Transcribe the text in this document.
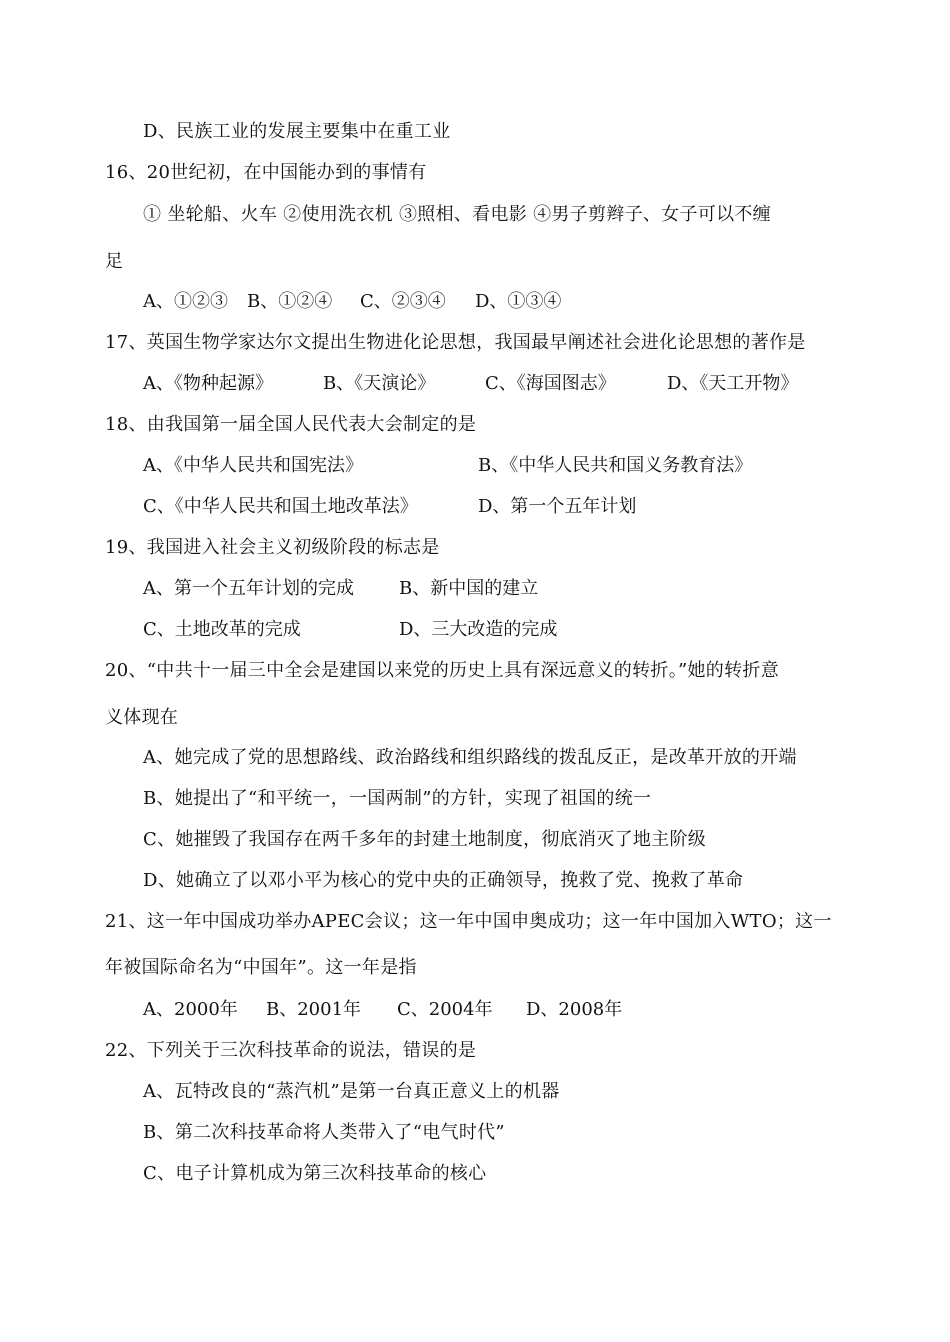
D、民族工业的发展主要集中在重工业
16、20世纪初，在中国能办到的事情有
① 坐轮船、火车 ②使用洗衣机 ③照相、看电影 ④男子剪辫子、女子可以不缠
足
A、①②③ B、①②④ C、②③④ D、①③④
17、英国生物学家达尔文提出生物进化论思想，我国最早阐述社会进化论思想的著作是
A、《物种起源》	B、《天演论》	C、《海国图志》	D、《天工开物》
18、由我国第一届全国人民代表大会制定的是
A、《中华人民共和国宪法》	B、《中华人民共和国义务教育法》
C、《中华人民共和国土地改革法》	D、第一个五年计划
19、我国进入社会主义初级阶段的标志是
A、第一个五年计划的完成	B、新中国的建立
C、土地改革的完成	D、三大改造的完成
20、“中共十一届三中全会是建国以来党的历史上具有深远意义的转折。”她的转折意
义体现在
A、她完成了党的思想路线、政治路线和组织路线的拨乱反正，是改革开放的开端
B、她提出了“和平统一，一国两制”的方针，实现了祖国的统一
C、她摧毁了我国存在两千多年的封建土地制度，彻底消灭了地主阶级
D、她确立了以邓小平为核心的党中央的正确领导，挽救了党、挽救了革命
21、这一年中国成功举办APEC会议；这一年中国申奥成功；这一年中国加入WTO；这一
年被国际命名为“中国年”。这一年是指
A、2000年 B、2001年 C、2004年 D、2008年
22、下列关于三次科技革命的说法，错误的是
A、瓦特改良的“蒸汽机”是第一台真正意义上的机器
B、第二次科技革命将人类带入了“电气时代”
C、电子计算机成为第三次科技革命的核心
